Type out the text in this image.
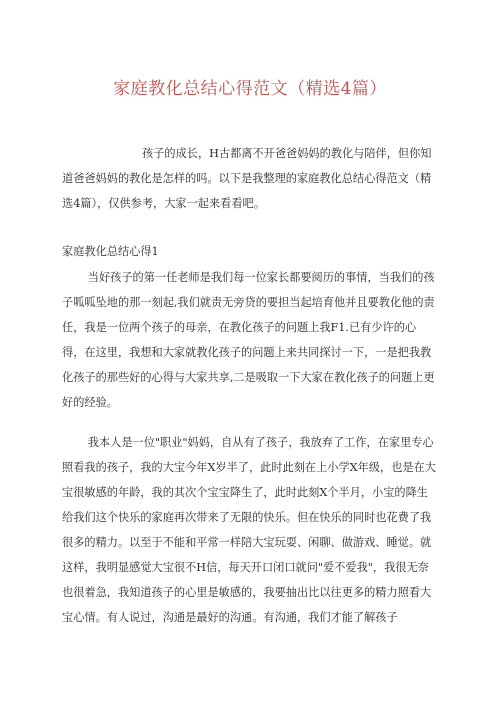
家庭教化总结心得范文（精选4篇）
孩子的成长，H古都离不开爸爸妈妈的教化与陪伴，但你知
道爸爸妈妈的教化是怎样的吗。以下是我整理的家庭教化总结心得范文（精选4篇），仅供参考，大家一起来看看吧。
家庭教化总结心得1

当好孩子的第一任老师是我们每一位家长都要阅历的事情，当我们的孩子呱呱坠地的那一刻起,我们就责无旁贷的要担当起培育他并且要教化他的责任，我是一位两个孩子的母亲，在教化孩子的问题上我F1.已有少许的心得，在这里，我想和大家就教化孩子的问题上来共同探讨一下，一是把我教化孩子的那些好的心得与大家共享,二是吸取一下大家在教化孩子的问题上更好的经验。

我本人是一位"职业"妈妈，自从有了孩子，我放弃了工作，在家里专心照看我的孩子，我的大宝今年X岁半了，此时此刻在上小学X年级，也是在大宝很敏感的年龄，我的其次个宝宝降生了，此时此刻X个半月，小宝的降生给我们这个快乐的家庭再次带来了无限的快乐。但在快乐的同时也花费了我很多的精力。以至于不能和平常一样陪大宝玩耍、闲聊、做游戏、睡觉。就这样，我明显感觉大宝很不H信，每天开口闭口就问"爱不爱我"，我很无奈也很着急，我知道孩子的心里是敏感的，我要抽出比以往更多的精力照看大宝心情。有人说过，沟通是最好的沟通。有沟通，我们才能了解孩子
